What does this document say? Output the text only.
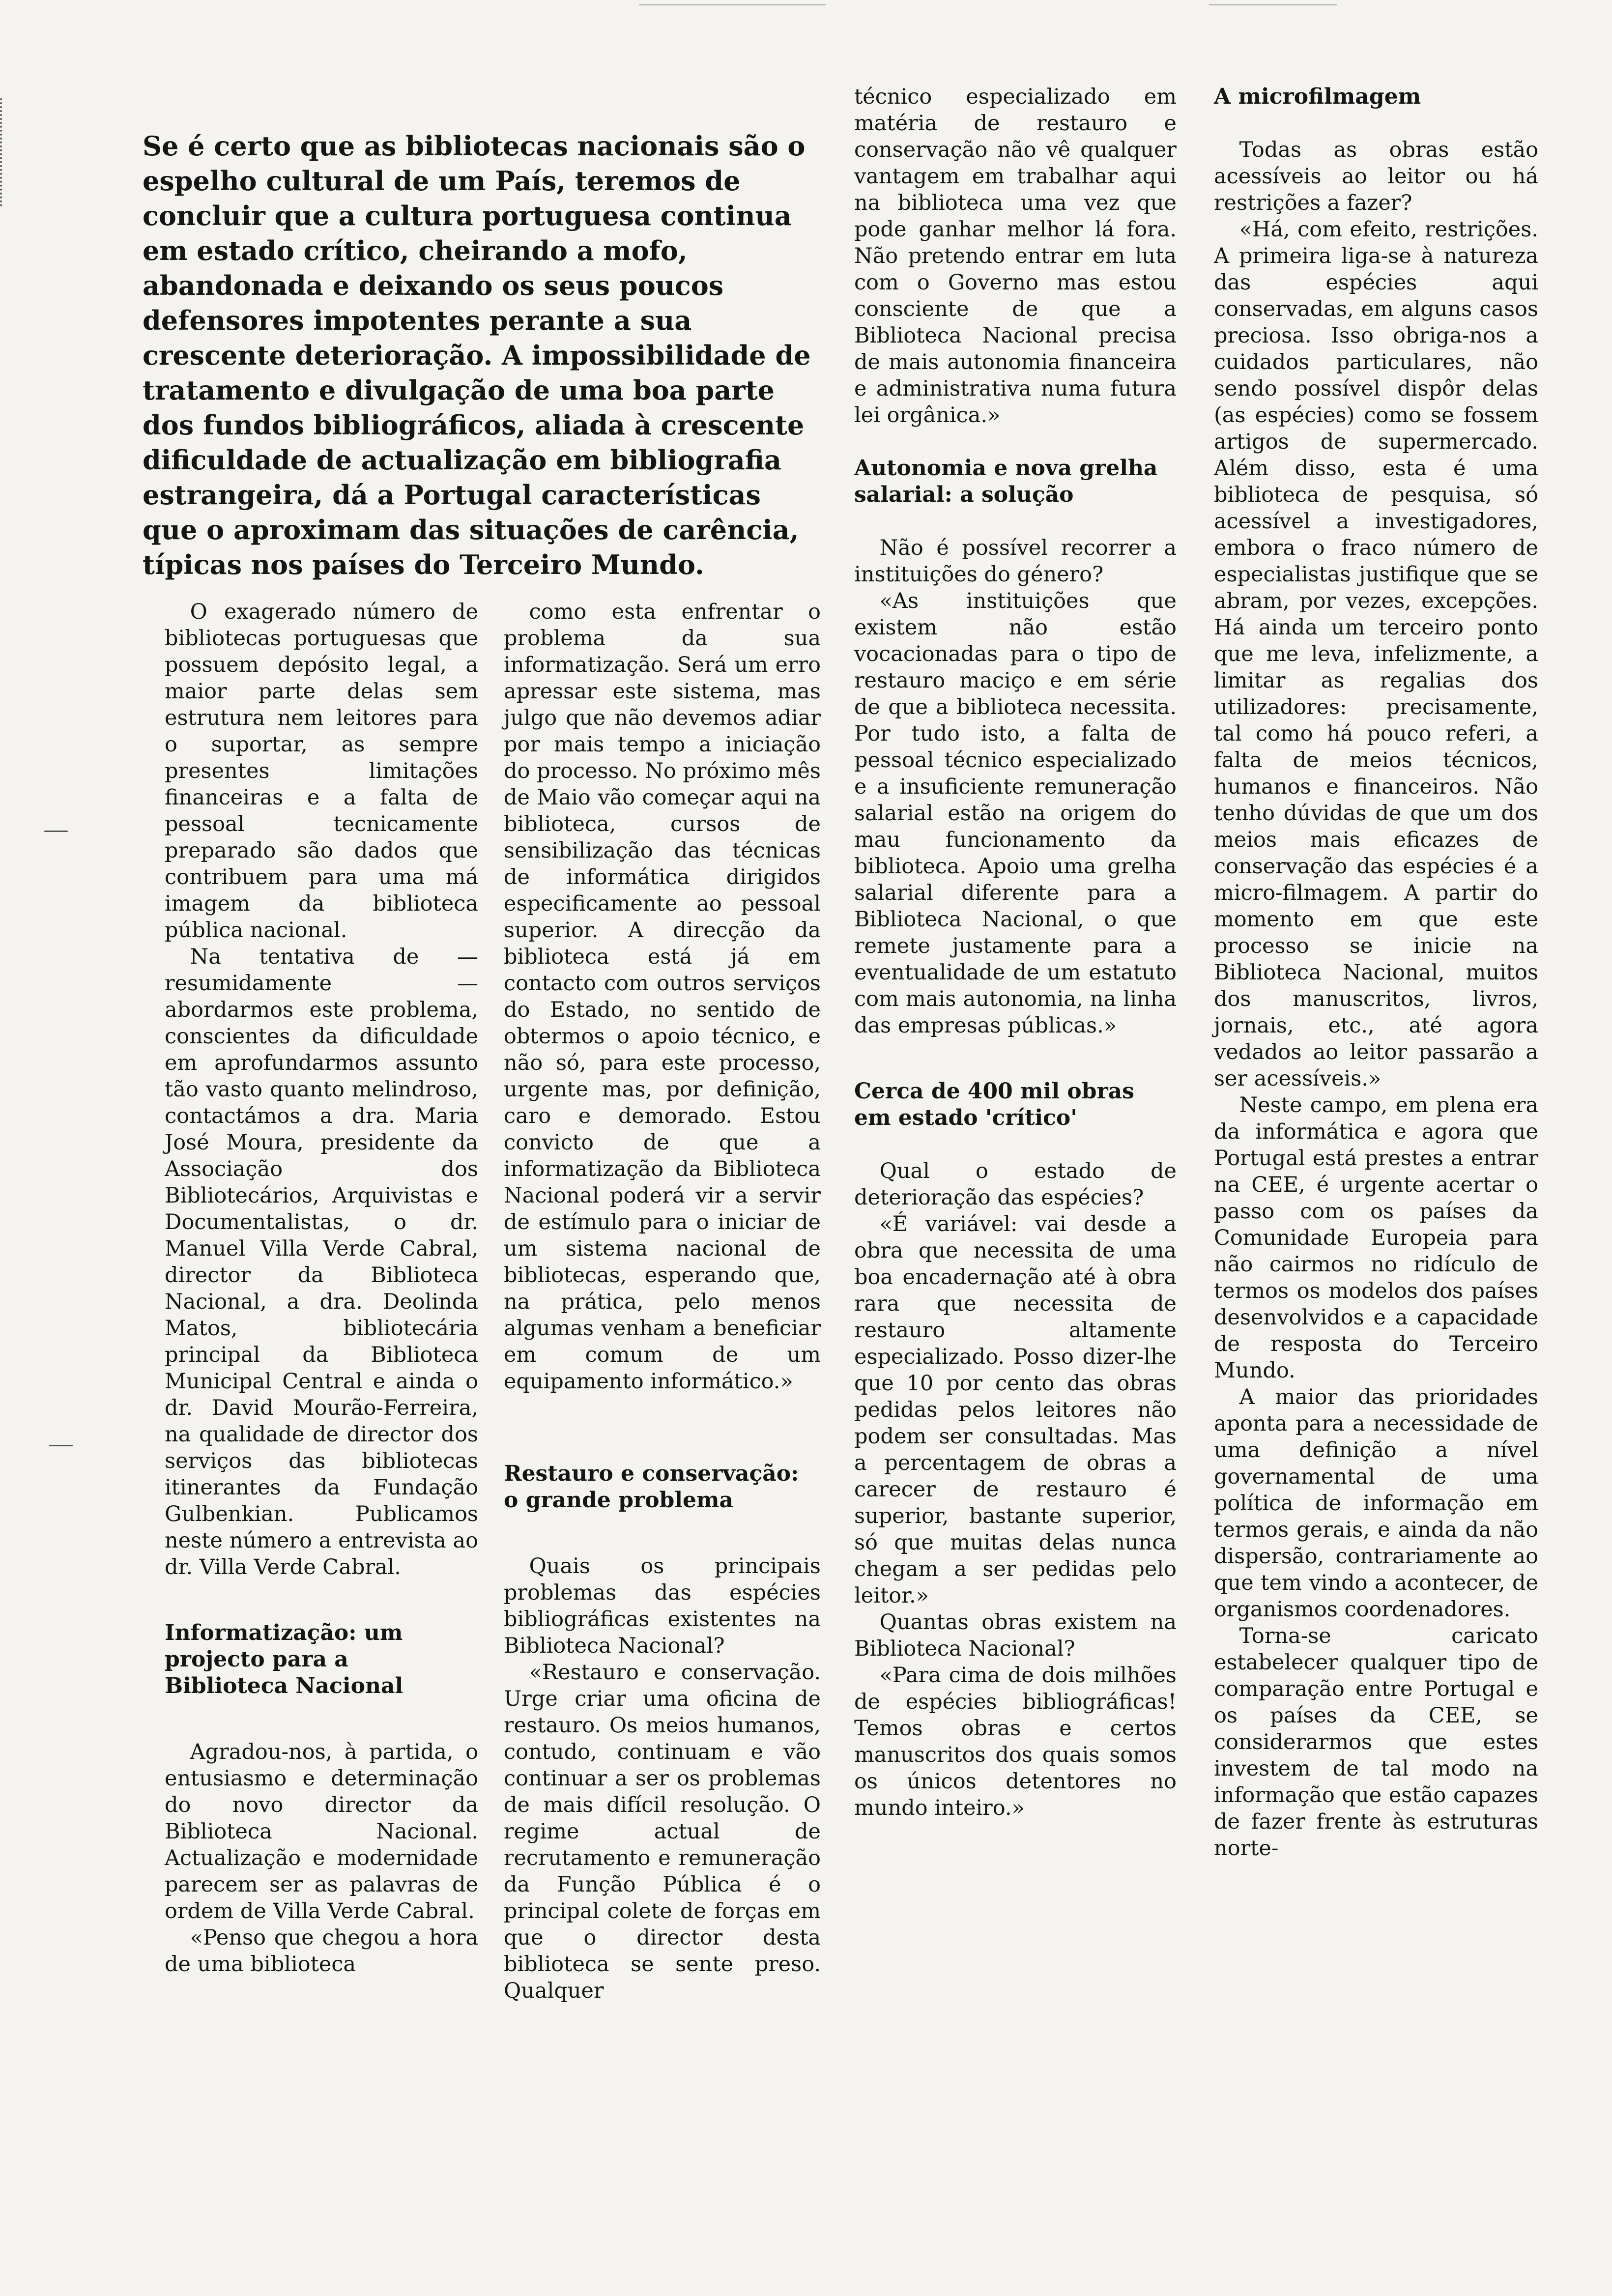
Se é certo que as bibliotecas nacionais são o espelho cultural de um País, teremos de concluir que a cultura portuguesa continua em estado crítico, cheirando a mofo, abandonada e deixando os seus poucos defensores impotentes perante a sua crescente deterioração. A impossibilidade de tratamento e divulgação de uma boa parte dos fundos bibliográficos, aliada à crescente dificuldade de actualização em bibliografia estrangeira, dá a Portugal características que o aproximam das situações de carência, típicas nos países do Terceiro Mundo.

O exagerado número de bibliotecas portuguesas que possuem depósito legal, a maior parte delas sem estrutura nem leitores para o suportar, as sempre presentes limitações financeiras e a falta de pessoal tecnicamente preparado são dados que contribuem para uma má imagem da biblioteca pública nacional.

Na tentativa de — resumidamente — abordarmos este problema, conscientes da dificuldade em aprofundarmos assunto tão vasto quanto melindroso, contactámos a dra. Maria José Moura, presidente da Associação dos Bibliotecários, Arquivistas e Documentalistas, o dr. Manuel Villa Verde Cabral, director da Biblioteca Nacional, a dra. Deolinda Matos, bibliotecária principal da Biblioteca Municipal Central e ainda o dr. David Mourão-Ferreira, na qualidade de director dos serviços das bibliotecas itinerantes da Fundação Gulbenkian. Publicamos neste número a entrevista ao dr. Villa Verde Cabral.

Informatização: um projecto para a Biblioteca Nacional

Agradou-nos, à partida, o entusiasmo e determinação do novo director da Biblioteca Nacional. Actualização e modernidade parecem ser as palavras de ordem de Villa Verde Cabral.

«Penso que chegou a hora de uma biblioteca

como esta enfrentar o problema da sua informatização. Será um erro apressar este sistema, mas julgo que não devemos adiar por mais tempo a iniciação do processo. No próximo mês de Maio vão começar aqui na biblioteca, cursos de sensibilização das técnicas de informática dirigidos especificamente ao pessoal superior. A direcção da biblioteca está já em contacto com outros serviços do Estado, no sentido de obtermos o apoio técnico, e não só, para este processo, urgente mas, por definição, caro e demorado. Estou convicto de que a informatização da Biblioteca Nacional poderá vir a servir de estímulo para o iniciar de um sistema nacional de bibliotecas, esperando que, na prática, pelo menos algumas venham a beneficiar em comum de um equipamento informático.»

Restauro e conservação: o grande problema

Quais os principais problemas das espécies bibliográficas existentes na Biblioteca Nacional?

«Restauro e conservação. Urge criar uma oficina de restauro. Os meios humanos, contudo, continuam e vão continuar a ser os problemas de mais difícil resolução. O regime actual de recrutamento e remuneração da Função Pública é o principal colete de forças em que o director desta biblioteca se sente preso. Qualquer

técnico especializado em matéria de restauro e conservação não vê qualquer vantagem em trabalhar aqui na biblioteca uma vez que pode ganhar melhor lá fora. Não pretendo entrar em luta com o Governo mas estou consciente de que a Biblioteca Nacional precisa de mais autonomia financeira e administrativa numa futura lei orgânica.»

Autonomia e nova grelha salarial: a solução

Não é possível recorrer a instituições do género?

«As instituições que existem não estão vocacionadas para o tipo de restauro maciço e em série de que a biblioteca necessita. Por tudo isto, a falta de pessoal técnico especializado e a insuficiente remuneração salarial estão na origem do mau funcionamento da biblioteca. Apoio uma grelha salarial diferente para a Biblioteca Nacional, o que remete justamente para a eventualidade de um estatuto com mais autonomia, na linha das empresas públicas.»

Cerca de 400 mil obras em estado 'crítico'

Qual o estado de deterioração das espécies?

«É variável: vai desde a obra que necessita de uma boa encadernação até à obra rara que necessita de restauro altamente especializado. Posso dizer-lhe que 10 por cento das obras pedidas pelos leitores não podem ser consultadas. Mas a percentagem de obras a carecer de restauro é superior, bastante superior, só que muitas delas nunca chegam a ser pedidas pelo leitor.»

Quantas obras existem na Biblioteca Nacional?

«Para cima de dois milhões de espécies bibliográficas! Temos obras e certos manuscritos dos quais somos os únicos detentores no mundo inteiro.»

A microfilmagem

Todas as obras estão acessíveis ao leitor ou há restrições a fazer?

«Há, com efeito, restrições. A primeira liga-se à natureza das espécies aqui conservadas, em alguns casos preciosa. Isso obriga-nos a cuidados particulares, não sendo possível dispôr delas (as espécies) como se fossem artigos de supermercado. Além disso, esta é uma biblioteca de pesquisa, só acessível a investigadores, embora o fraco número de especialistas justifique que se abram, por vezes, excepções. Há ainda um terceiro ponto que me leva, infelizmente, a limitar as regalias dos utilizadores: precisamente, tal como há pouco referi, a falta de meios técnicos, humanos e financeiros. Não tenho dúvidas de que um dos meios mais eficazes de conservação das espécies é a micro-filmagem. A partir do momento em que este processo se inicie na Biblioteca Nacional, muitos dos manuscritos, livros, jornais, etc., até agora vedados ao leitor passarão a ser acessíveis.»

Neste campo, em plena era da informática e agora que Portugal está prestes a entrar na CEE, é urgente acertar o passo com os países da Comunidade Europeia para não cairmos no ridículo de termos os modelos dos países desenvolvidos e a capacidade de resposta do Terceiro Mundo.

A maior das prioridades aponta para a necessidade de uma definição a nível governamental de uma política de informação em termos gerais, e ainda da não dispersão, contrariamente ao que tem vindo a acontecer, de organismos coordenadores.

Torna-se caricato estabelecer qualquer tipo de comparação entre Portugal e os países da CEE, se considerarmos que estes investem de tal modo na informação que estão capazes de fazer frente às estruturas norte-
